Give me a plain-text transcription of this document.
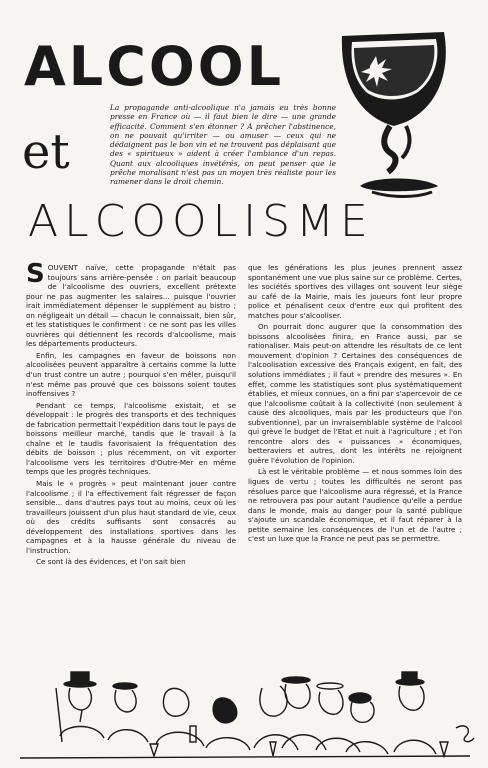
ALCOOL
et
ALCOOLISME
La propagande anti-alcoolique n'a jamais eu très bonne presse en France où — il faut bien le dire — une grande efficacité. Comment s'en étonner ? A prêcher l'abstinence, on ne pouvait qu'irriter — ou amuser — ceux qui ne dédaignent pas le bon vin et ne trouvent pas déplaisant que des « spiritueux » aident à créer l'ambiance d'un repas. Quant aux alcooliques invétérés, on peut penser que le prêche moralisant n'est pas un moyen très réaliste pour les ramener dans le droit chemin.

SOUVENT naïve, cette propagande n'était pas toujours sans arrière-pensée : on parlait beaucoup de l'alcoolisme des ouvriers, excellent prétexte pour ne pas augmenter les salaires... puisque l'ouvrier irait immédiatement dépenser le supplément au bistro ; on négligeait un détail — chacun le connaissait, bien sûr, et les statistiques le confirment : ce ne sont pas les villes ouvrières qui détiennent les records d'alcoolisme, mais les départements producteurs.

Enfin, les campagnes en faveur de boissons non alcoolisées peuvent apparaître à certains comme la lutte d'un trust contre un autre ; pourquoi s'en mêler, puisqu'il n'est même pas prouvé que ces boissons soient toutes inoffensives ?

Pendant ce temps, l'alcoolisme existait, et se développait : le progrès des transports et des techniques de fabrication permettait l'expédition dans tout le pays de boissons meilleur marché, tandis que le travail à la chaîne et le taudis favorisaient la fréquentation des débits de boisson ; plus récemment, on vit exporter l'alcoolisme vers les territoires d'Outre-Mer en même temps que les progrès techniques.

Mais le « progrès » peut maintenant jouer contre l'alcoolisme ; il l'a effectivement fait régresser de façon sensible... dans d'autres pays tout au moins, ceux où les travailleurs jouissent d'un plus haut standard de vie, ceux où des crédits suffisants sont consacrés au développement des installations sportives dans les campagnes et à la hausse générale du niveau de l'instruction.

Ce sont là des évidences, et l'on sait bien

que les générations les plus jeunes prennent assez spontanément une vue plus saine sur ce problème. Certes, les sociétés sportives des villages ont souvent leur siège au café de la Mairie, mais les joueurs font leur propre police et pénalisent ceux d'entre eux qui profitent des matches pour s'alcooliser.

On pourrait donc augurer que la consommation des boissons alcoolisées finira, en France aussi, par se rationaliser. Mais peut-on attendre les résultats de ce lent mouvement d'opinion ? Certaines des conséquences de l'alcoolisation excessive des Français exigent, en fait, des solutions immédiates ; il faut « prendre des mesures ». En effet, comme les statistiques sont plus systématiquement établies, et mieux connues, on a fini par s'apercevoir de ce que l'alcoolisme coûtait à la collectivité (non seulement à cause des alcooliques, mais par les producteurs que l'on subventionne), par un invraisemblable système de l'alcool qui grève le budget de l'Etat et nuit à l'agriculture ; et l'on rencontre alors des « puissances » économiques, betteraviers et autres, dont les intérêts ne rejoignent guère l'évolution de l'opinion.

Là est le véritable problème — et nous sommes loin des ligues de vertu ; toutes les difficultés ne seront pas résolues parce que l'alcoolisme aura régressé, et la France ne retrouvera pas pour autant l'audience qu'elle a perdue dans le monde, mais au danger pour la santé publique s'ajoute un scandale économique, et il faut réparer à la petite semaine les conséquences de l'un et de l'autre ; c'est un luxe que la France ne peut pas se permettre.
